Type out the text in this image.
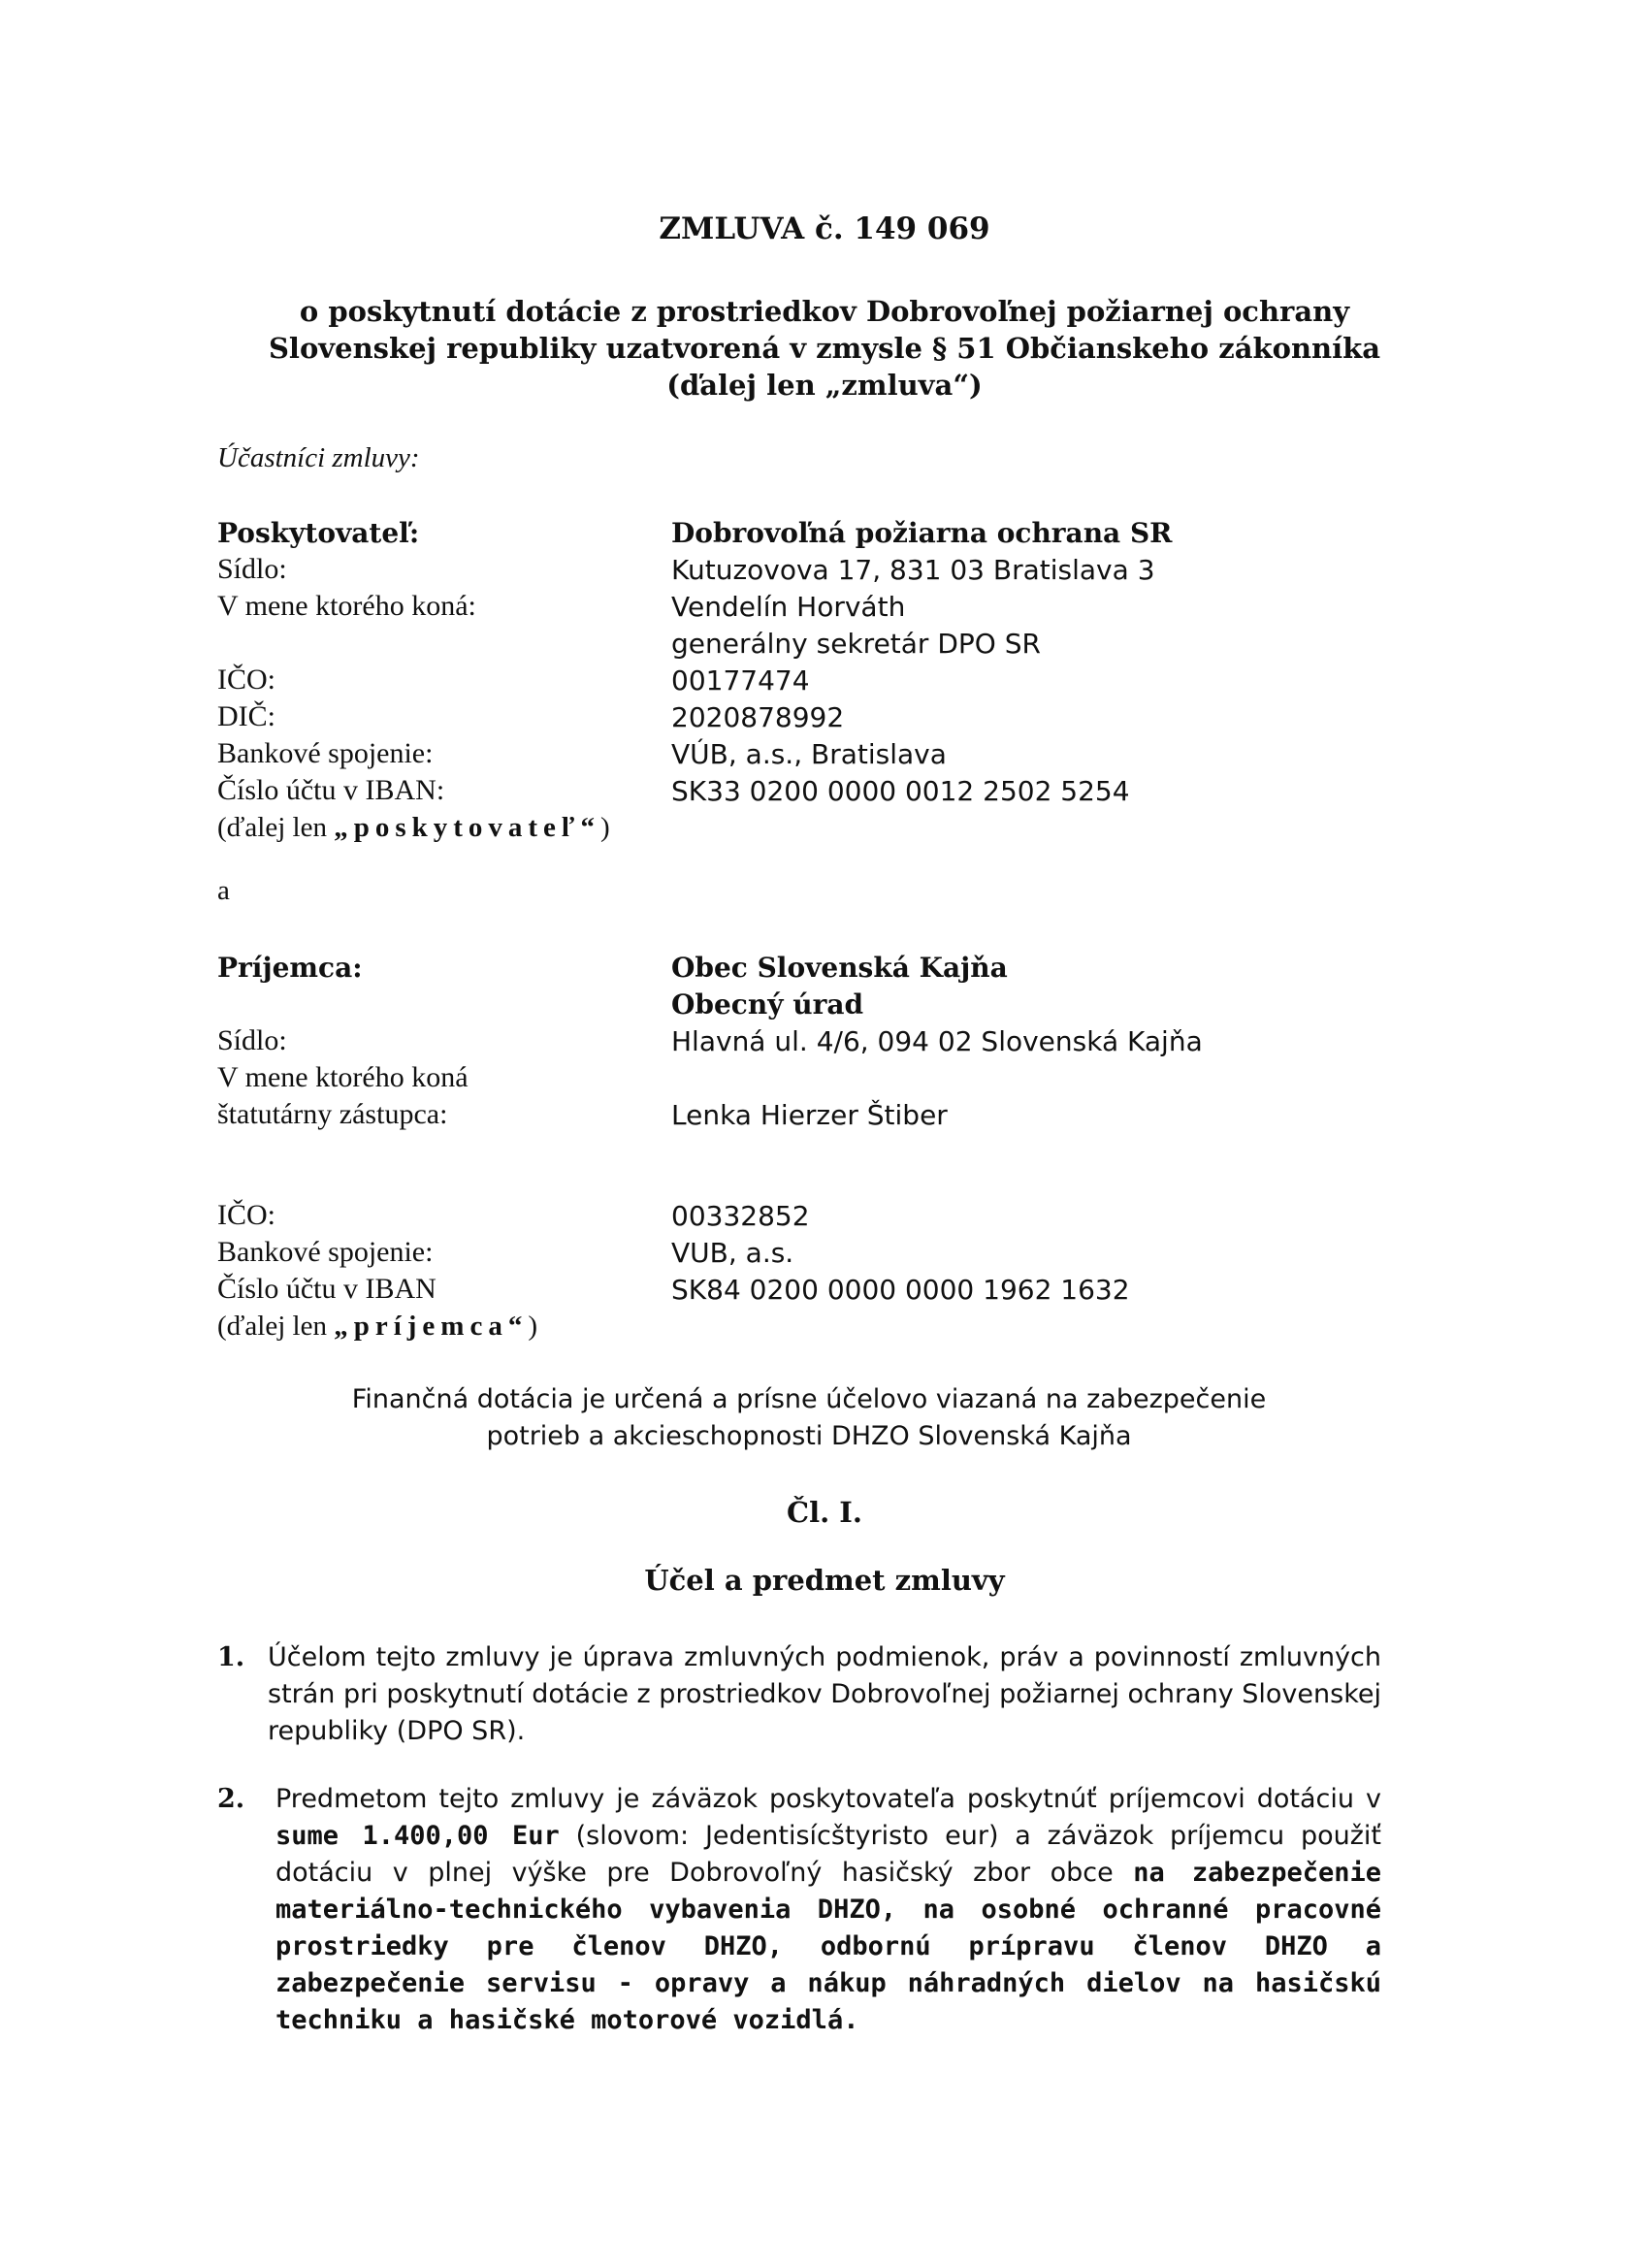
ZMLUVA č. 149 069
o poskytnutí dotácie z prostriedkov Dobrovoľnej požiarnej ochrany
Slovenskej republiky uzatvorená v zmysle § 51 Občianskeho zákonníka
(ďalej len „zmluva“)
Účastníci zmluvy:
Poskytovateľ:	Dobrovoľná požiarna ochrana SR
Sídlo:	Kutuzovova 17, 831 03 Bratislava 3
V mene ktorého koná:	Vendelín Horváth
generálny sekretár DPO SR
IČO:	00177474
DIČ:	2020878992
Bankové spojenie:	VÚB, a.s., Bratislava
Číslo účtu v IBAN:	SK33 0200 0000 0012 2502 5254
(ďalej len „poskytovateľ“ )
a
Príjemca:	Obec Slovenská Kajňa
Obecný úrad
Sídlo:	Hlavná ul. 4/6, 094 02 Slovenská Kajňa
V mene ktorého koná
štatutárny zástupca:	Lenka Hierzer Štiber
IČO:	00332852
Bankové spojenie:	VUB, a.s.
Číslo účtu v IBAN	SK84 0200 0000 0000 1962 1632
(ďalej len „príjemca“ )
Finančná dotácia je určená a prísne účelovo viazaná na zabezpečenie
potrieb a akcieschopnosti DHZO Slovenská Kajňa
Čl. I.
Účel a predmet zmluvy
1. Účelom tejto zmluvy je úprava zmluvných podmienok, práv a povinností zmluvných strán pri poskytnutí dotácie z prostriedkov Dobrovoľnej požiarnej ochrany Slovenskej republiky (DPO SR).
2. Predmetom tejto zmluvy je záväzok poskytovateľa poskytnúť príjemcovi dotáciu v sume 1.400,00 Eur (slovom: Jedentisícštyristo eur) a záväzok príjemcu použiť dotáciu v plnej výške pre Dobrovoľný hasičský zbor obce na zabezpečenie materiálno-technického vybavenia DHZO, na osobné ochranné pracovné prostriedky pre členov DHZO, odbornú prípravu členov DHZO a zabezpečenie servisu - opravy a nákup náhradných dielov na hasičskú techniku a hasičské motorové vozidlá.
